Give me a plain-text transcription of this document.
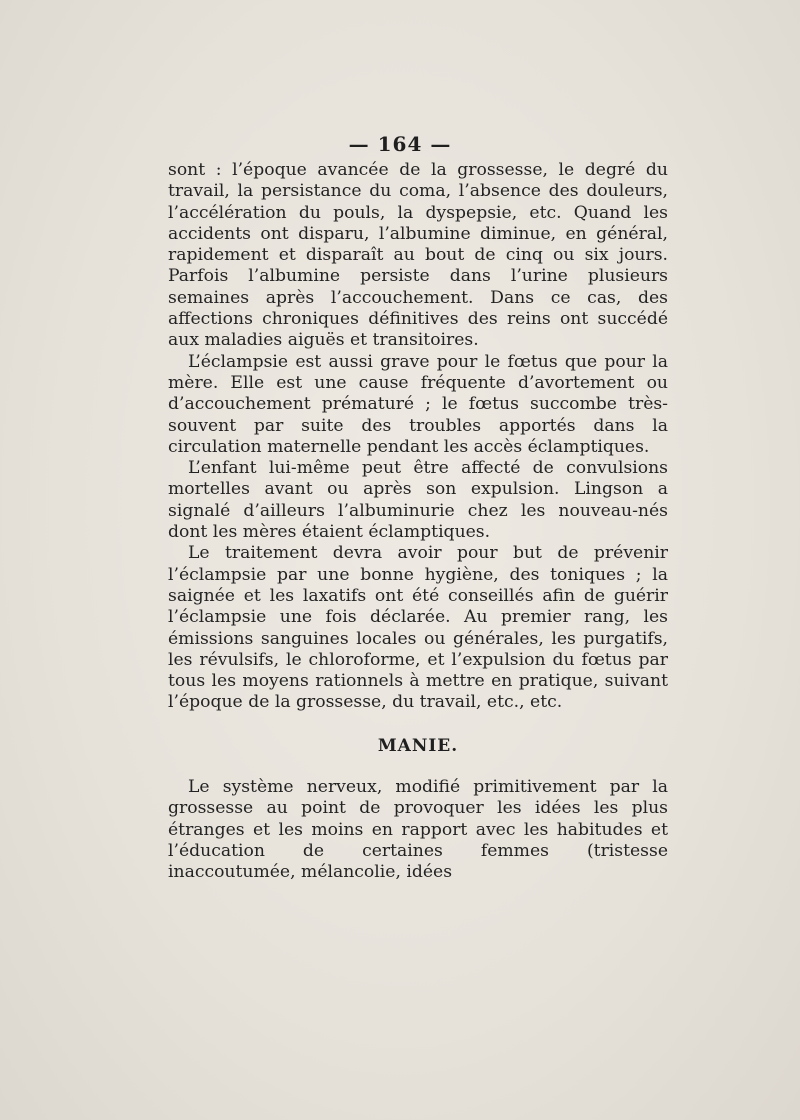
— 164 —

sont : l’époque avancée de la grossesse, le degré du travail, la persistance du coma, l’absence des douleurs, l’accélération du pouls, la dyspepsie, etc. Quand les accidents ont disparu, l’albumine diminue, en général, rapidement et disparaît au bout de cinq ou six jours. Parfois l’albumine persiste dans l’urine plusieurs semaines après l’accouchement. Dans ce cas, des affections chroniques définitives des reins ont succédé aux maladies aiguës et transitoires.

L’éclampsie est aussi grave pour le fœtus que pour la mère. Elle est une cause fréquente d’avortement ou d’accouchement prématuré ; le fœtus succombe très-souvent par suite des troubles apportés dans la circulation maternelle pendant les accès éclamptiques.

L’enfant lui-même peut être affecté de convulsions mortelles avant ou après son expulsion. Lingson a signalé d’ailleurs l’albuminurie chez les nouveau-nés dont les mères étaient éclamptiques.

Le traitement devra avoir pour but de prévenir l’éclampsie par une bonne hygiène, des toniques ; la saignée et les laxatifs ont été conseillés afin de guérir l’éclampsie une fois déclarée. Au premier rang, les émissions sanguines locales ou générales, les purgatifs, les révulsifs, le chloroforme, et l’expulsion du fœtus par tous les moyens rationnels à mettre en pratique, suivant l’époque de la grossesse, du travail, etc., etc.

MANIE.

Le système nerveux, modifié primitivement par la grossesse au point de provoquer les idées les plus étranges et les moins en rapport avec les habitudes et l’éducation de certaines femmes (tristesse inaccoutumée, mélancolie, idées
